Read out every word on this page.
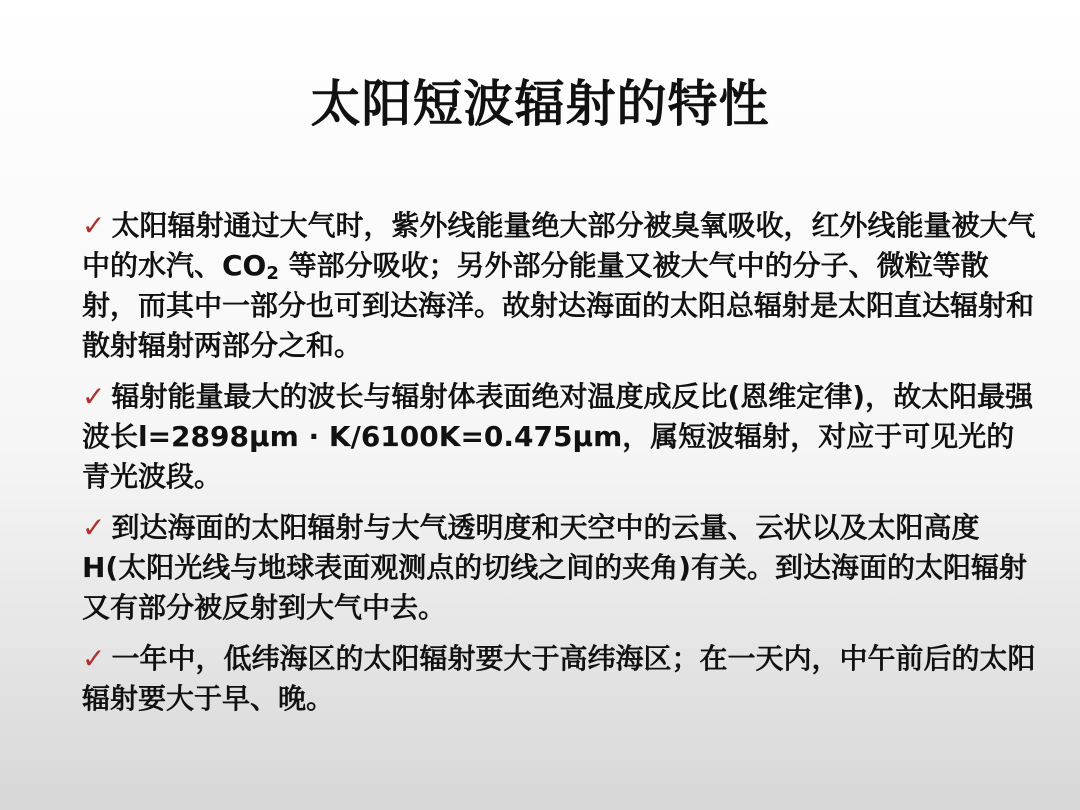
太阳短波辐射的特性
✓ 太阳辐射通过大气时，紫外线能量绝大部分被臭氧吸收，红外线能量被大气中的水汽、$CO_2$ 等部分吸收；另外部分能量又被大气中的分子、微粒等散射，而其中一部分也可到达海洋。故射达海面的太阳总辐射是太阳直达辐射和散射辐射两部分之和。
✓ 辐射能量最大的波长与辐射体表面绝对温度成反比(恩维定律)，故太阳最强波长l=2898μm · K/6100K=0.475μm，属短波辐射，对应于可见光的青光波段。
✓ 到达海面的太阳辐射与大气透明度和天空中的云量、云状以及太阳高度H(太阳光线与地球表面观测点的切线之间的夹角)有关。到达海面的太阳辐射又有部分被反射到大气中去。
✓ 一年中，低纬海区的太阳辐射要大于高纬海区；在一天内，中午前后的太阳辐射要大于早、晚。
